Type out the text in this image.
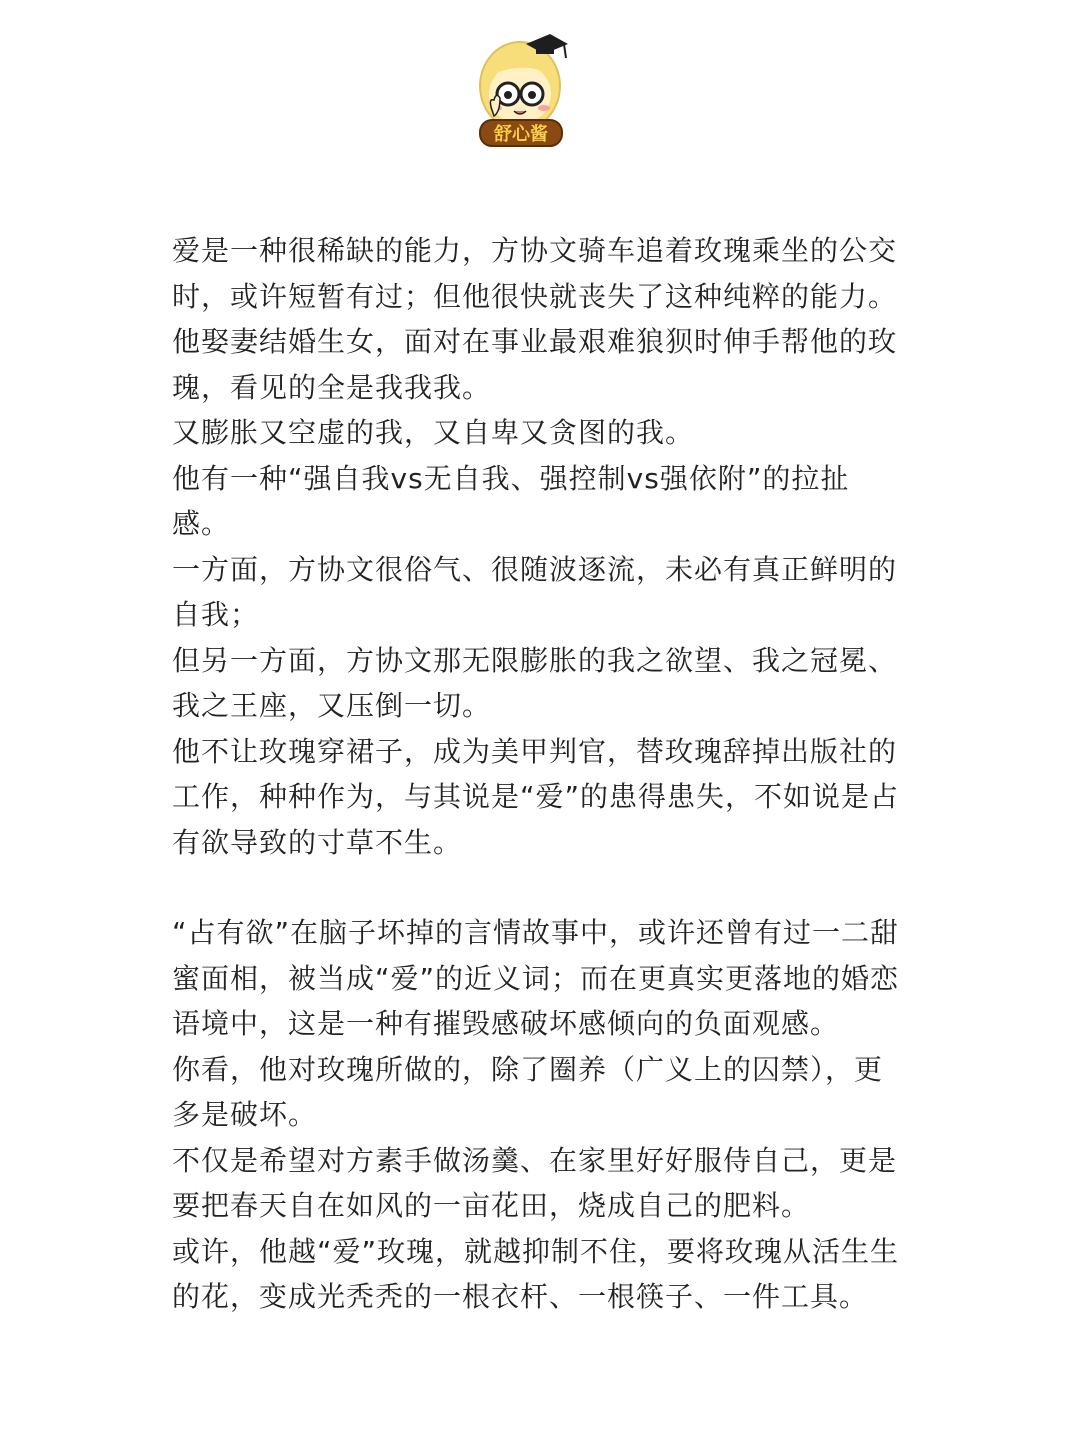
舒心酱

爱是一种很稀缺的能力，方协文骑车追着玫瑰乘坐的公交时，或许短暂有过；但他很快就丧失了这种纯粹的能力。

他娶妻结婚生女，面对在事业最艰难狼狈时伸手帮他的玫瑰，看见的全是我我我。

又膨胀又空虚的我，又自卑又贪图的我。

他有一种“强自我vs无自我、强控制vs强依附”的拉扯感。

一方面，方协文很俗气、很随波逐流，未必有真正鲜明的自我；

但另一方面，方协文那无限膨胀的我之欲望、我之冠冕、我之王座，又压倒一切。

他不让玫瑰穿裙子，成为美甲判官，替玫瑰辞掉出版社的工作，种种作为，与其说是“爱”的患得患失，不如说是占有欲导致的寸草不生。

“占有欲”在脑子坏掉的言情故事中，或许还曾有过一二甜蜜面相，被当成“爱”的近义词；而在更真实更落地的婚恋语境中，这是一种有摧毁感破坏感倾向的负面观感。

你看，他对玫瑰所做的，除了圈养（广义上的囚禁），更多是破坏。

不仅是希望对方素手做汤羹、在家里好好服侍自己，更是要把春天自在如风的一亩花田，烧成自己的肥料。

或许，他越“爱”玫瑰，就越抑制不住，要将玫瑰从活生生的花，变成光秃秃的一根衣杆、一根筷子、一件工具。
